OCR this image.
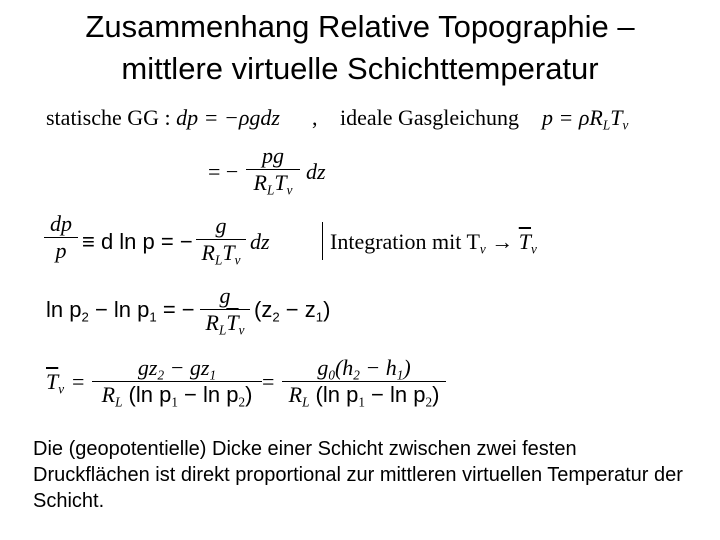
Zusammenhang Relative Topographie –
mittlere virtuelle Schichttemperatur
statische GG : dp = −ρgdz , ideale Gasgleichung $p = \rho R_LT_v$
= −
pg
$R_LT_v$
dz
dp
p ≡ d ln p = −
g
$R_LT_v$
dz	Integration mit $T_v \to \overline{T}_v$
$\ln p_2 - \ln p_1$ = −
g
$R_L\overline{T}_v$
$(z_2 - z_1)$
$\overline{T}_v$ =
$gz_2 - gz_1$
$R_L$ (ln $p_1 - \ln p_2$)
=
$g_0(h_2 - h_1)$
$R_L$ (ln $p_1 - \ln p_2$)
Die (geopotentielle) Dicke einer Schicht zwischen zwei festen Druckflächen ist direkt proportional zur mittleren virtuellen Temperatur der Schicht.
